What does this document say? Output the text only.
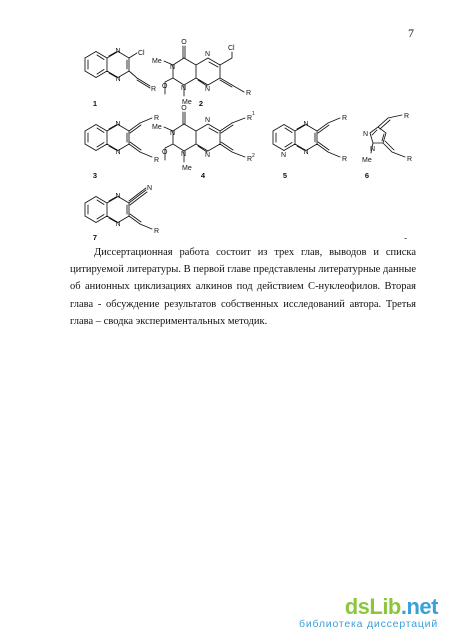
7
N
N
Cl
R
1
O
Me
N
O N
Me
N
Cl
N
R
2
N
N
R
R
3
O
Me
N
O N
Me
N
N
R
1
R 2
4
N
N
N
R
R
5
N
N
Me
R
R
6
N
N
N
R
7	-

Диссертационная работа состоит из трех глав, выводов и списка цитируемой литературы. В первой главе представлены литературные данные об анионных циклизациях алкинов под действием С-нуклеофилов. Вторая глава - обсуждение результатов собственных исследований автора. Третья глава – сводка экспериментальных методик.

dsLib.net
библиотека диссертаций
